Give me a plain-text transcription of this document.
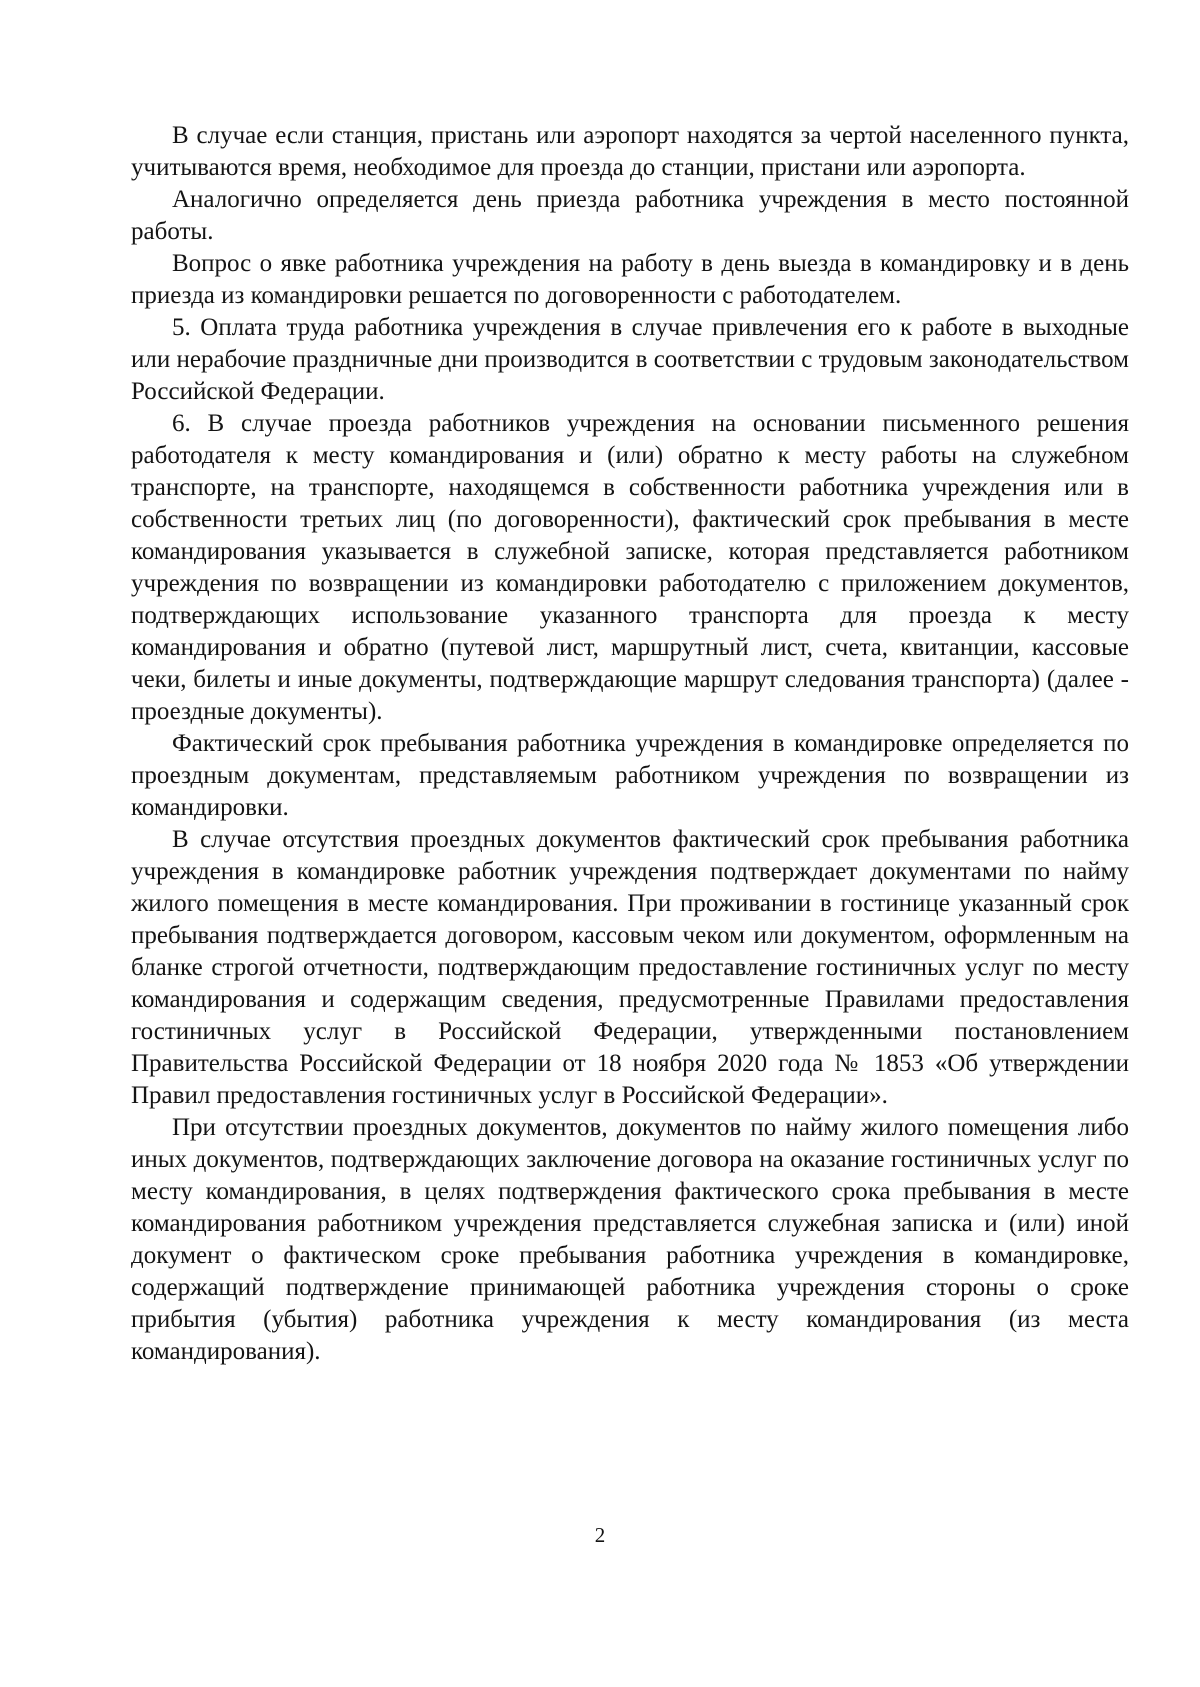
В случае если станция, пристань или аэропорт находятся за чертой населенного пункта, учитываются время, необходимое для проезда до станции, пристани или аэропорта.

Аналогично определяется день приезда работника учреждения в место постоянной работы.

Вопрос о явке работника учреждения на работу в день выезда в командировку и в день приезда из командировки решается по договоренности с работодателем.

5. Оплата труда работника учреждения в случае привлечения его к работе в выходные или нерабочие праздничные дни производится в соответствии с трудовым законодательством Российской Федерации.

6. В случае проезда работников учреждения на основании письменного решения работодателя к месту командирования и (или) обратно к месту работы на служебном транспорте, на транспорте, находящемся в собственности работника учреждения или в собственности третьих лиц (по договоренности), фактический срок пребывания в месте командирования указывается в служебной записке, которая представляется работником учреждения по возвращении из командировки работодателю с приложением документов, подтверждающих использование указанного транспорта для проезда к месту командирования и обратно (путевой лист, маршрутный лист, счета, квитанции, кассовые чеки, билеты и иные документы, подтверждающие маршрут следования транспорта) (далее - проездные документы).

Фактический срок пребывания работника учреждения в командировке определяется по проездным документам, представляемым работником учреждения по возвращении из командировки.

В случае отсутствия проездных документов фактический срок пребывания работника учреждения в командировке работник учреждения подтверждает документами по найму жилого помещения в месте командирования. При проживании в гостинице указанный срок пребывания подтверждается договором, кассовым чеком или документом, оформленным на бланке строгой отчетности, подтверждающим предоставление гостиничных услуг по месту командирования и содержащим сведения, предусмотренные Правилами предоставления гостиничных услуг в Российской Федерации, утвержденными постановлением Правительства Российской Федерации от 18 ноября 2020 года № 1853 «Об утверждении Правил предоставления гостиничных услуг в Российской Федерации».

При отсутствии проездных документов, документов по найму жилого помещения либо иных документов, подтверждающих заключение договора на оказание гостиничных услуг по месту командирования, в целях подтверждения фактического срока пребывания в месте командирования работником учреждения представляется служебная записка и (или) иной документ о фактическом сроке пребывания работника учреждения в командировке, содержащий подтверждение принимающей работника учреждения стороны о сроке прибытия (убытия) работника учреждения к месту командирования (из места командирования).

2
